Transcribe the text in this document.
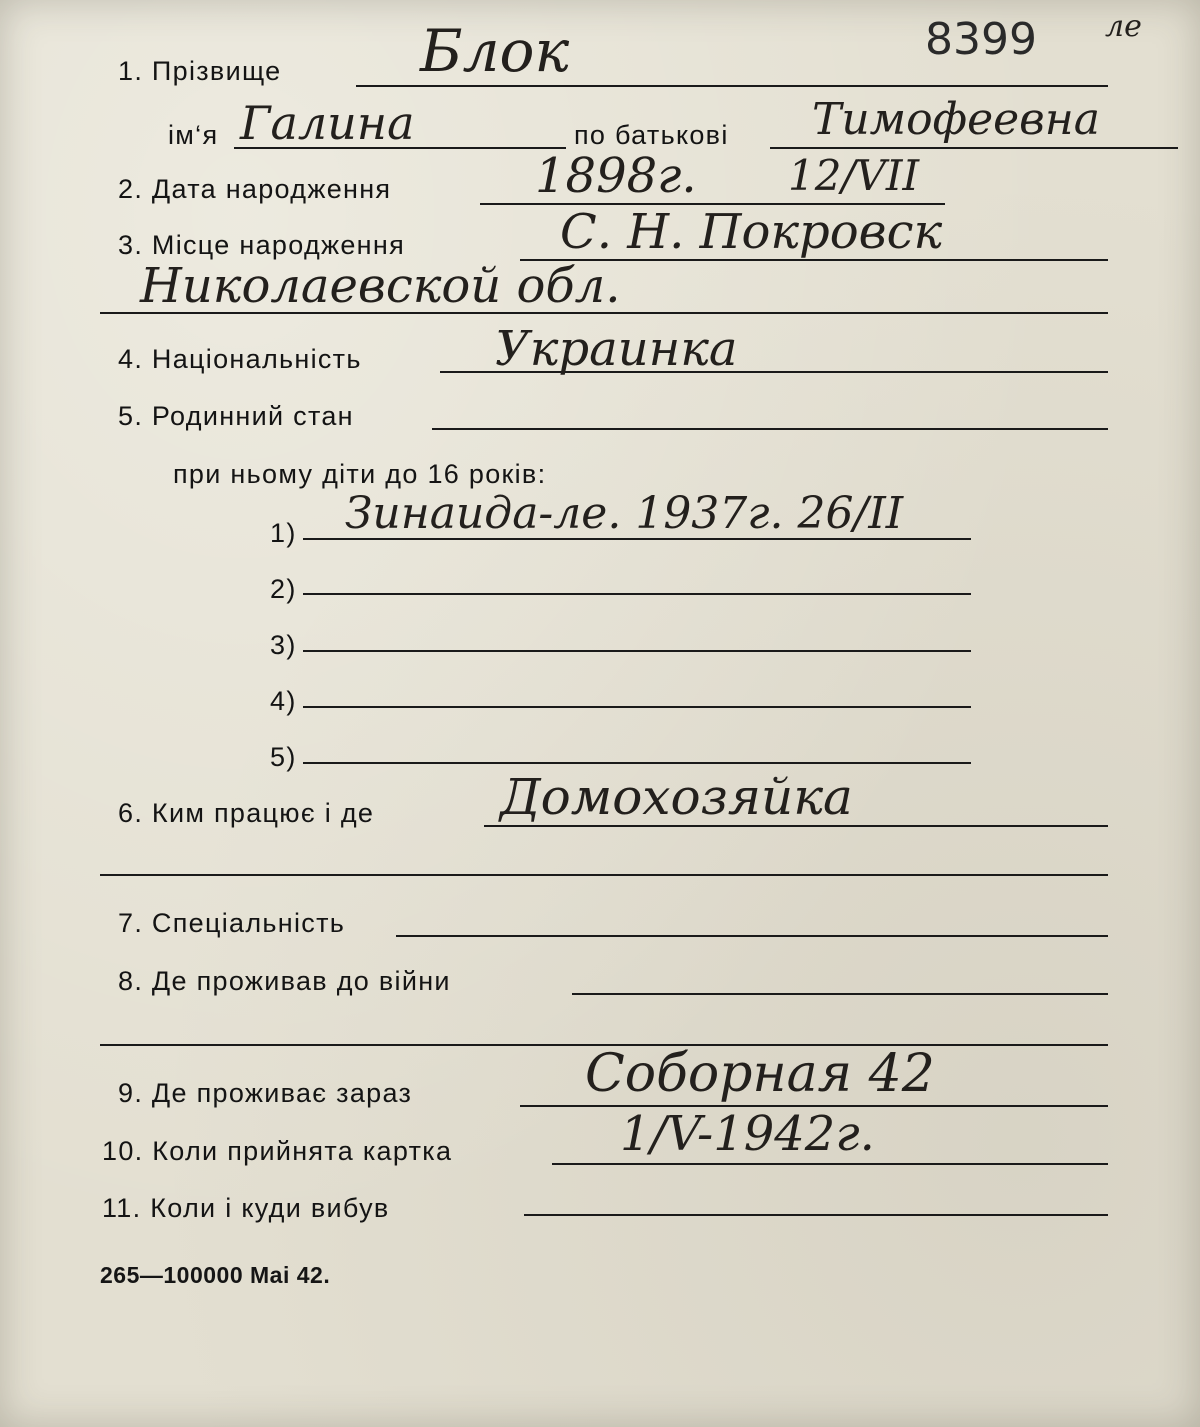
1. Прізвище Блок	8399 ле
ім‘я Галина	по батькові Тимофеевна
2. Дата народження	1898г. 12/VII
3. Місце народження	С. Н. Покровск
Николаевской обл.
4. Національність	Украинка
5. Родинний стан
при ньому діти до 16 років:
1) Зинаида-ле. 1937г. 26/II
2)
3)
4)
5)
6. Ким працює і де	Домохозяйка
7. Спеціальність
8. Де проживав до війни
9. Де проживає зараз	Соборная 42
10. Коли прийнята картка	1/V-1942г.
11. Коли і куди вибув
265—100000 Mai 42.
